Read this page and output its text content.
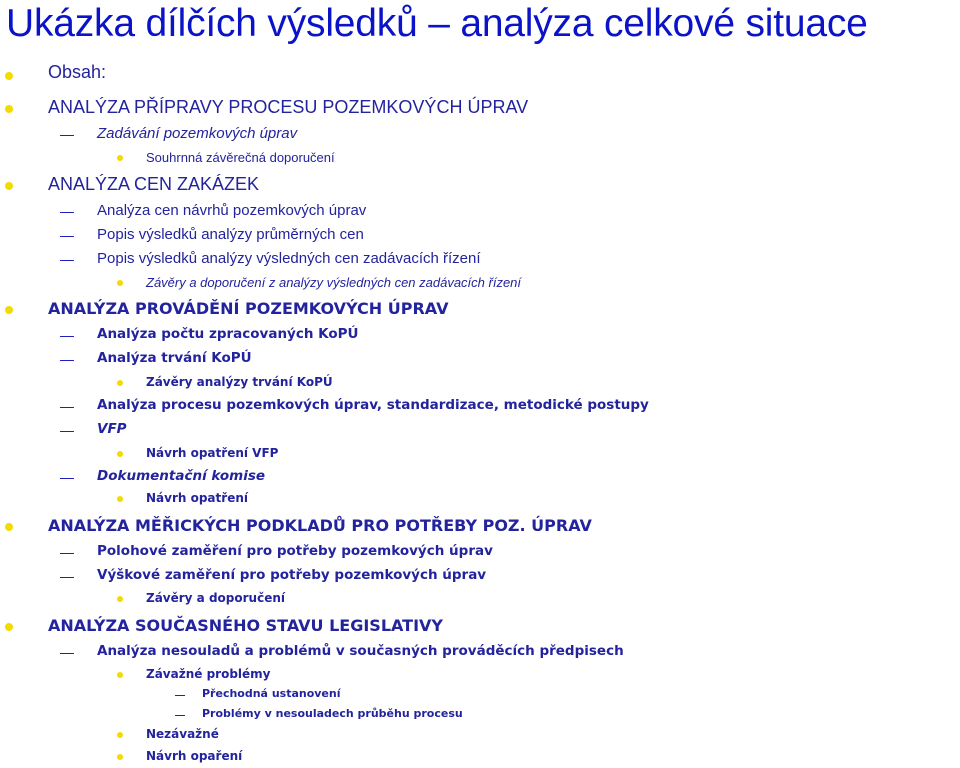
Ukázka dílčích výsledků – analýza celkové situace
Obsah:
ANALÝZA PŘÍPRAVY PROCESU POZEMKOVÝCH ÚPRAV
Zadávání pozemkových úprav
Souhrnná závěrečná doporučení
ANALÝZA CEN ZAKÁZEK
Analýza cen návrhů pozemkových úprav
Popis výsledků analýzy průměrných cen
Popis výsledků analýzy výsledných cen zadávacích řízení
Závěry a doporučení z analýzy výsledných cen zadávacích řízení
ANALÝZA PROVÁDĚNÍ POZEMKOVÝCH ÚPRAV
Analýza počtu zpracovaných KoPÚ
Analýza trvání KoPÚ
Závěry analýzy trvání KoPÚ
Analýza procesu pozemkových úprav, standardizace, metodické postupy
VFP
Návrh opatření VFP
Dokumentační komise
Návrh opatření
ANALÝZA MĚŘICKÝCH PODKLADŮ PRO POTŘEBY POZ. ÚPRAV
Polohové zaměření pro potřeby pozemkových úprav
Výškové zaměření pro potřeby pozemkových úprav
Závěry a doporučení
ANALÝZA SOUČASNÉHO STAVU LEGISLATIVY
Analýza nesouladů a problémů v současných prováděcích předpisech
Závažné problémy
Přechodná ustanovení
Problémy v nesouladech průběhu procesu
Nezávažné
Návrh opaření
